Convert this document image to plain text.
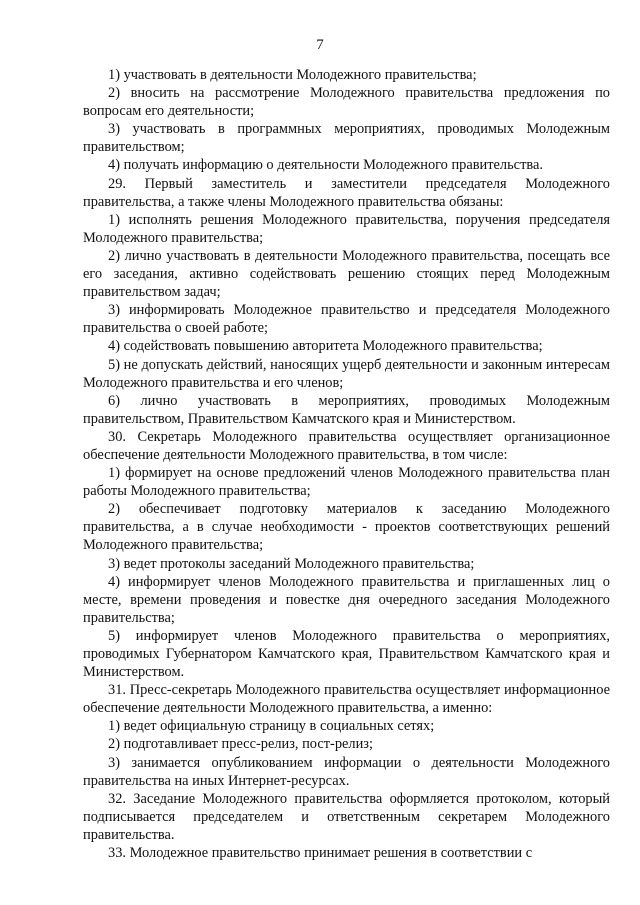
7

1) участвовать в деятельности Молодежного правительства;

2) вносить на рассмотрение Молодежного правительства предложения по вопросам его деятельности;

3) участвовать в программных мероприятиях, проводимых Молодежным правительством;

4) получать информацию о деятельности Молодежного правительства.

29. Первый заместитель и заместители председателя Молодежного правительства, а также члены Молодежного правительства обязаны:

1) исполнять решения Молодежного правительства, поручения председателя Молодежного правительства;

2) лично участвовать в деятельности Молодежного правительства, посещать все его заседания, активно содействовать решению стоящих перед Молодежным правительством задач;

3) информировать Молодежное правительство и председателя Молодежного правительства о своей работе;

4) содействовать повышению авторитета Молодежного правительства;

5) не допускать действий, наносящих ущерб деятельности и законным интересам Молодежного правительства и его членов;

6) лично участвовать в мероприятиях, проводимых Молодежным правительством, Правительством Камчатского края и Министерством.

30. Секретарь Молодежного правительства осуществляет организационное обеспечение деятельности Молодежного правительства, в том числе:

1) формирует на основе предложений членов Молодежного правительства план работы Молодежного правительства;

2) обеспечивает подготовку материалов к заседанию Молодежного правительства, а в случае необходимости - проектов соответствующих решений Молодежного правительства;

3) ведет протоколы заседаний Молодежного правительства;

4) информирует членов Молодежного правительства и приглашенных лиц о месте, времени проведения и повестке дня очередного заседания Молодежного правительства;

5) информирует членов Молодежного правительства о мероприятиях, проводимых Губернатором Камчатского края, Правительством Камчатского края и Министерством.

31. Пресс-секретарь Молодежного правительства осуществляет информационное обеспечение деятельности Молодежного правительства, а именно:

1) ведет официальную страницу в социальных сетях;

2) подготавливает пресс-релиз, пост-релиз;

3) занимается опубликованием информации о деятельности Молодежного правительства на иных Интернет-ресурсах.

32. Заседание Молодежного правительства оформляется протоколом, который подписывается председателем и ответственным секретарем Молодежного правительства.

33. Молодежное правительство принимает решения в соответствии с
